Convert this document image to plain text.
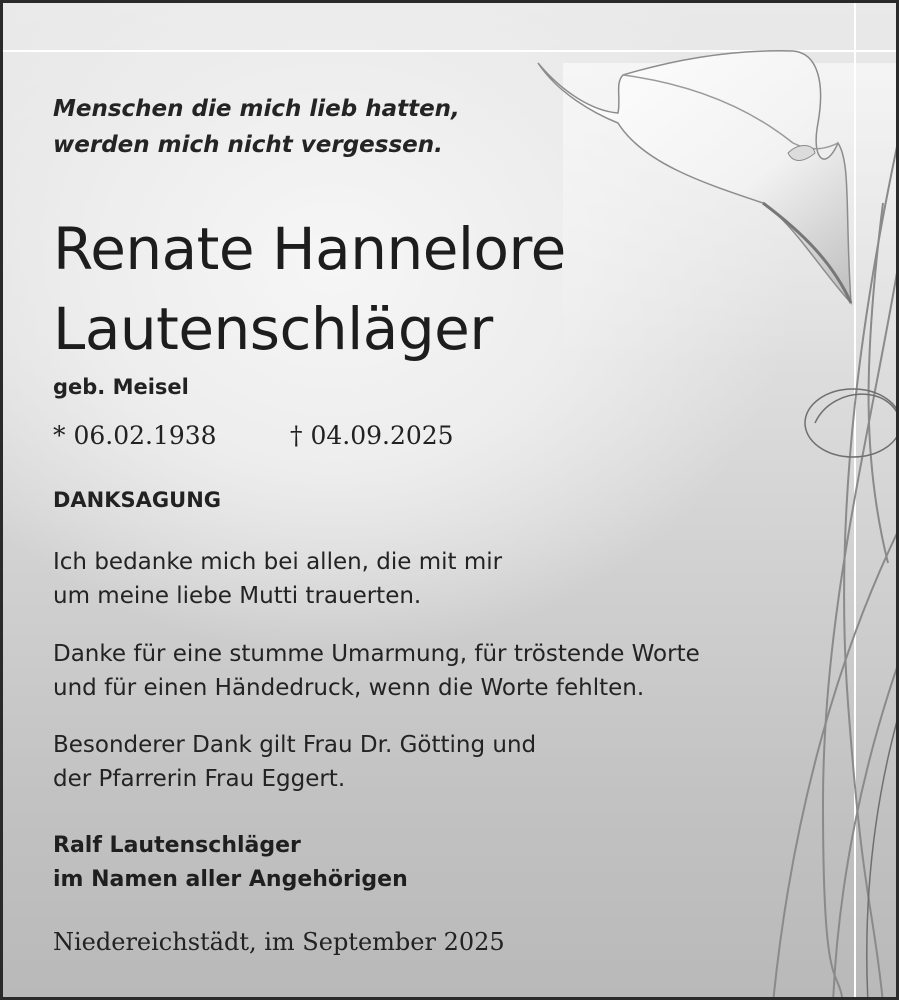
Menschen die mich lieb hatten,
werden mich nicht vergessen.
Renate Hannelore
Lautenschläger
geb. Meisel
* 06.02.1938	† 04.09.2025
DANKSAGUNG
Ich bedanke mich bei allen, die mit mir
um meine liebe Mutti trauerten.
Danke für eine stumme Umarmung, für tröstende Worte
und für einen Händedruck, wenn die Worte fehlten.
Besonderer Dank gilt Frau Dr. Götting und
der Pfarrerin Frau Eggert.
Ralf Lautenschläger
im Namen aller Angehörigen
Niedereichstädt, im September 2025
